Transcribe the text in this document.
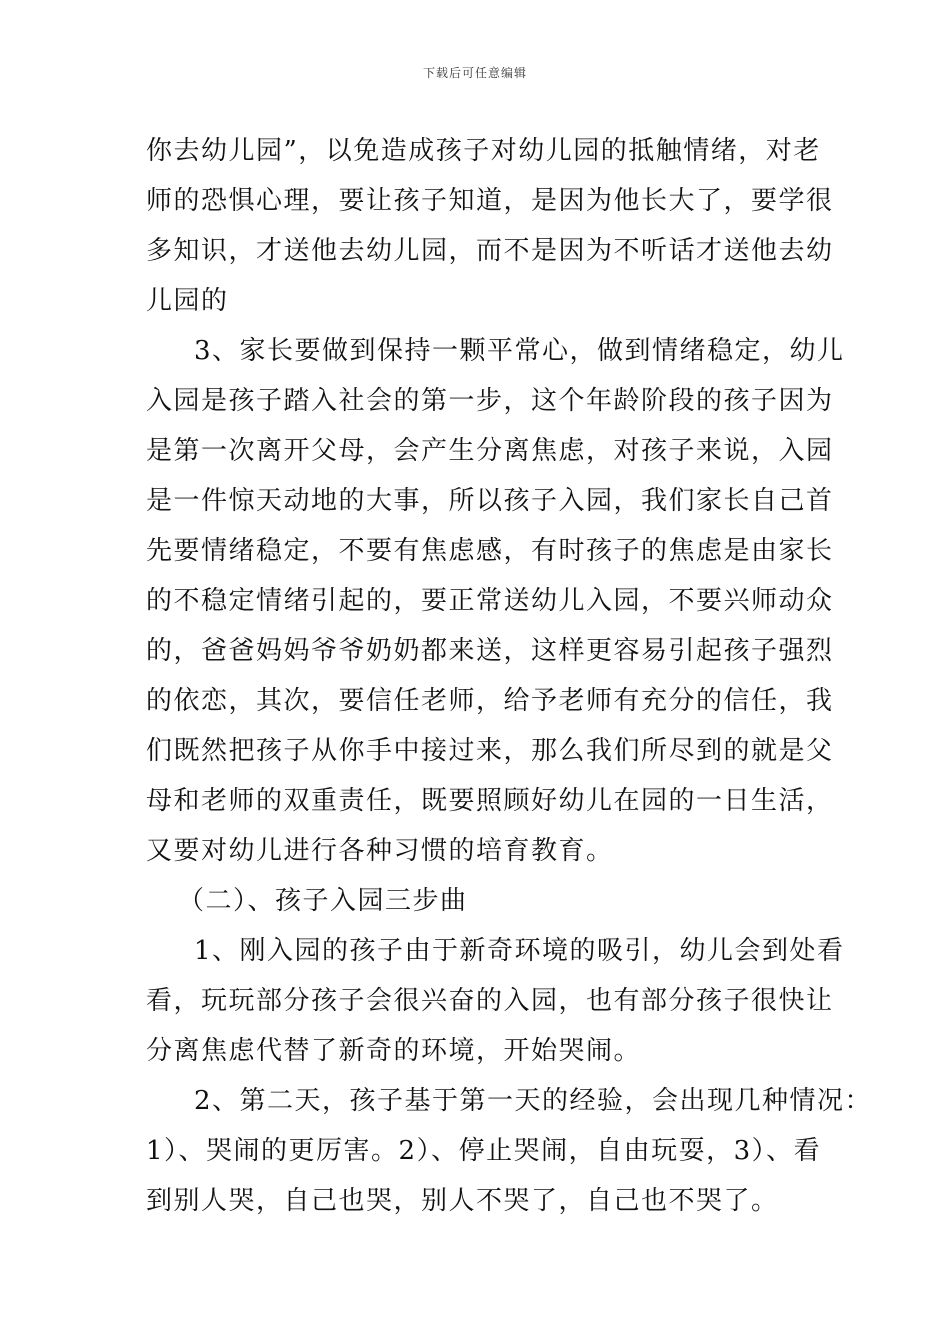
下载后可任意编辑
你去幼儿园”，以免造成孩子对幼儿园的抵触情绪，对老
师的恐惧心理，要让孩子知道，是因为他长大了，要学很
多知识，才送他去幼儿园，而不是因为不听话才送他去幼
儿园的
3、家长要做到保持一颗平常心，做到情绪稳定，幼儿
入园是孩子踏入社会的第一步，这个年龄阶段的孩子因为
是第一次离开父母，会产生分离焦虑，对孩子来说，入园
是一件惊天动地的大事，所以孩子入园，我们家长自己首
先要情绪稳定，不要有焦虑感，有时孩子的焦虑是由家长
的不稳定情绪引起的，要正常送幼儿入园，不要兴师动众
的，爸爸妈妈爷爷奶奶都来送，这样更容易引起孩子强烈
的依恋，其次，要信任老师，给予老师有充分的信任，我
们既然把孩子从你手中接过来，那么我们所尽到的就是父
母和老师的双重责任，既要照顾好幼儿在园的一日生活，
又要对幼儿进行各种习惯的培育教育。
（二）、孩子入园三步曲
1、刚入园的孩子由于新奇环境的吸引，幼儿会到处看
看，玩玩部分孩子会很兴奋的入园，也有部分孩子很快让
分离焦虑代替了新奇的环境，开始哭闹。
2、第二天，孩子基于第一天的经验，会出现几种情况：
1）、哭闹的更厉害。2）、停止哭闹，自由玩耍，3）、看
到别人哭，自己也哭，别人不哭了，自己也不哭了。
